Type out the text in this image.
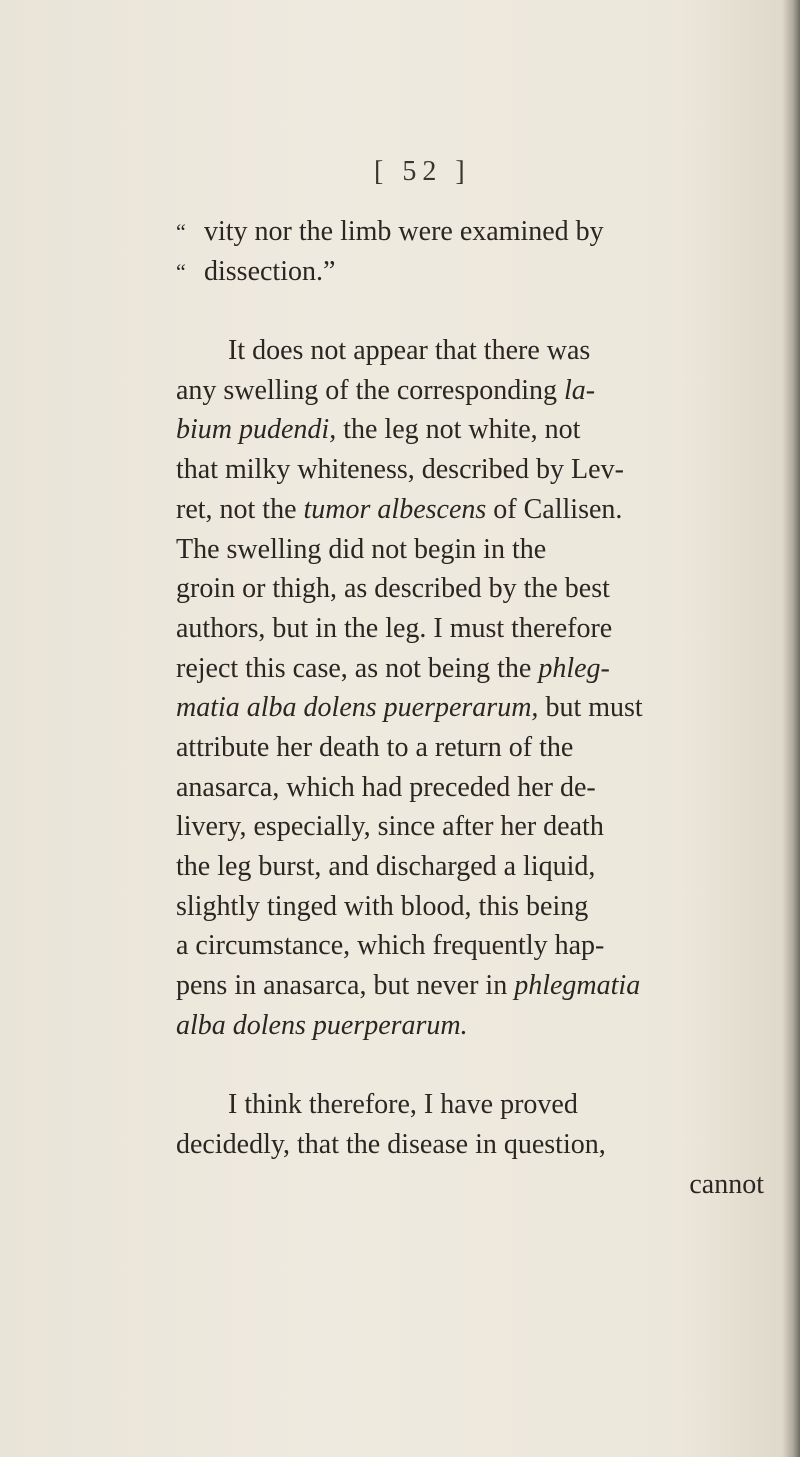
[ 52 ]
“ vity nor the limb were examined by
“ dissection.”
It does not appear that there was
any swelling of the corresponding la-
bium pudendi, the leg not white, not
that milky whiteness, described by Lev-
ret, not the tumor albescens of Callisen.
The swelling did not begin in the
groin or thigh, as described by the best
authors, but in the leg. I must therefore
reject this case, as not being the phleg-
matia alba dolens puerperarum, but must
attribute her death to a return of the
anasarca, which had preceded her de-
livery, especially, since after her death
the leg burst, and discharged a liquid,
slightly tinged with blood, this being
a circumstance, which frequently hap-
pens in anasarca, but never in phlegmatia
alba dolens puerperarum.
I think therefore, I have proved
decidedly, that the disease in question,
cannot
